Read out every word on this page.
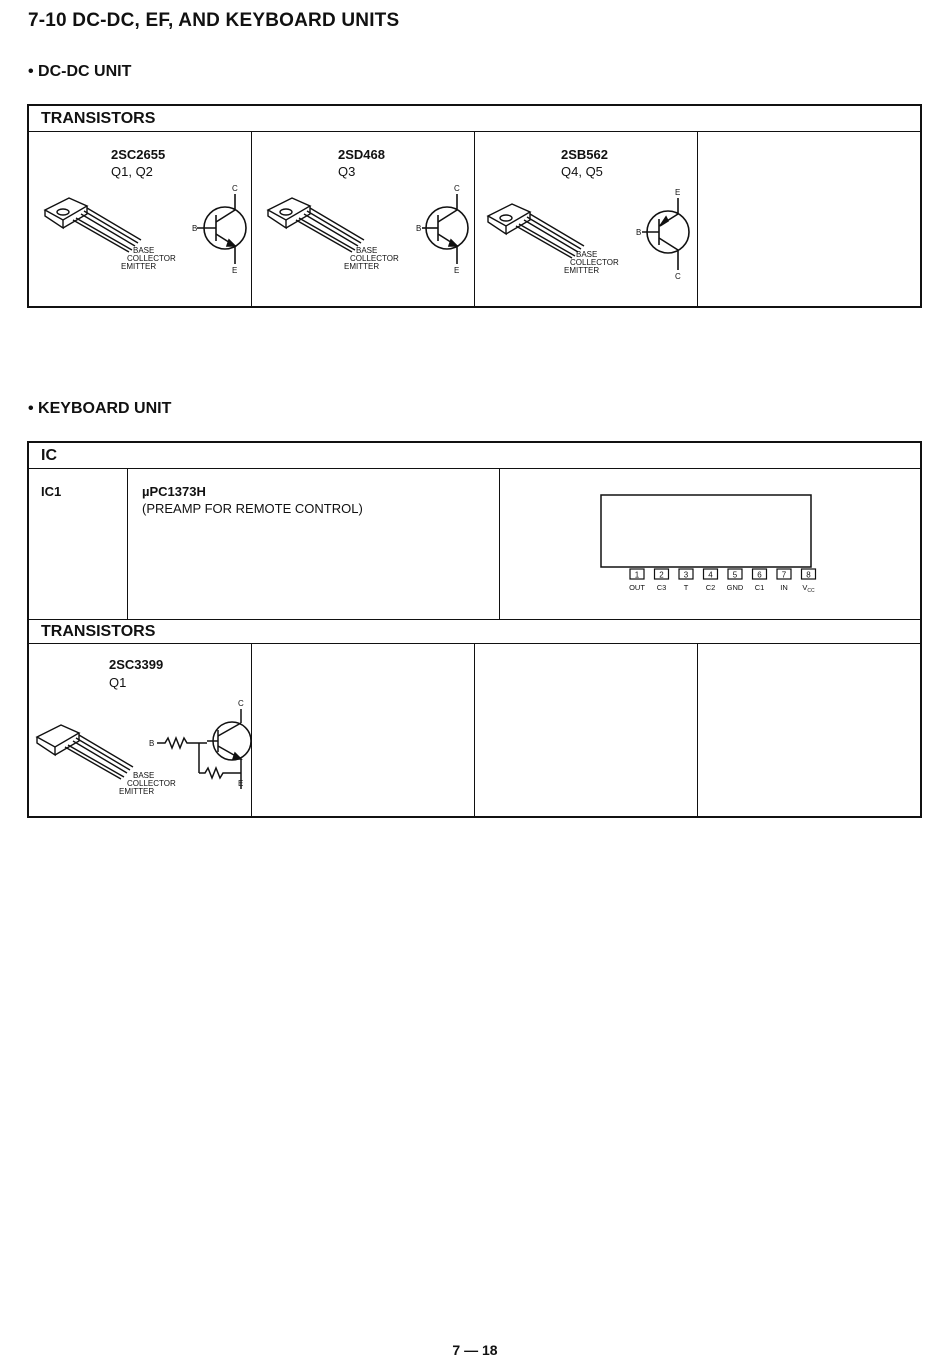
7-10 DC-DC, EF, AND KEYBOARD UNITS
• DC-DC UNIT
TRANSISTORS
2SC2655
Q1, Q2
BASE
COLLECTOR
EMITTER
B
C
E
2SD468
Q3
BASE
COLLECTOR
EMITTER
B
C
E
2SB562
Q4, Q5
BASE
COLLECTOR
EMITTER
B
E
C
• KEYBOARD UNIT
IC
IC1	µPC1373H
(PREAMP FOR REMOTE CONTROL)
1
OUT
2
C3
3
T
4
C2
5
GND
6
C1
7
IN
8
$V_{CC}$
TRANSISTORS
2SC3399
Q1
BASE
COLLECTOR
EMITTER
B
C
E
7 — 18
